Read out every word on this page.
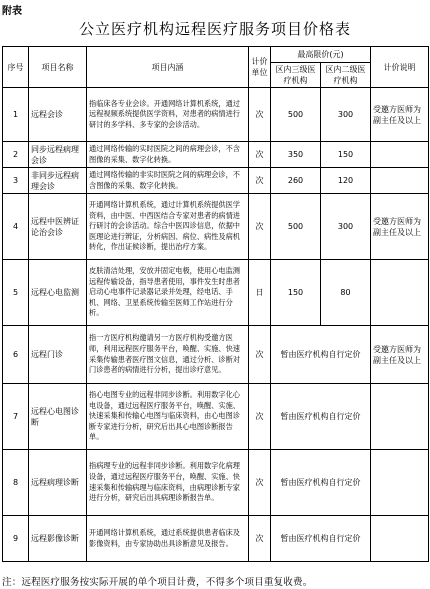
附表
公立医疗机构远程医疗服务项目价格表
序号	项目名称	项目内涵	计价单位	最高限价(元)		计价说明
				区内三级医疗机构	区内二级医疗机构	
1	远程会诊	指临床各专业会诊。开通网络计算机系统，通过远程视频系统提供医学资料，对患者的病情进行研讨的多学科、多专家的会诊活动。	次	500	300	受邀方医师为副主任及以上
2	同步远程病理会诊	通过网络传输的实时医院之间的病理会诊，不含图像的采集、数字化转换。	次	350	150	
3	非同步远程病理会诊	通过网络传输的非实时医院之间的病理会诊，不含图像的采集、数字化转换。	次	260	120	
4	远程中医辨证论治会诊	开通网络计算机系统，通过计算机系统提供医学资料，由中医、中西医结合专家对患者的病情进行研讨的会诊活动。综合中医四诊信息，依据中医理论进行辨证，分析病因、病位、病性及病机转化，作出证候诊断，提出治疗方案。	次	500	300	受邀方医师为副主任及以上
5	远程心电监测	皮肤清洁处理，安放并固定电极，使用心电监测远程传输设备，指导患者使用，事件发生时患者启动心电事件记录器记录并处理，经电话、手机、网络、卫星系统传输至医师工作站进行分析。	日	150	80	
6	远程门诊	指一方医疗机构邀请另一方医疗机构受邀方医师，利用远程医疗服务平台，唤醒、实施、快速采集传输患者医疗图文信息，通过分析、诊断对门诊患者的病情进行分析，提出诊疗意见。	次	暂由医疗机构自行定价		受邀方医师为副主任及以上
7	远程心电图诊断	指心电图专业的远程非同步诊断。利用数字化心电设备，通过远程医疗服务平台，唤醒、实施、快速采集和传输心电图与临床资料，由心电图诊断专家进行分析，研究后出具心电图诊断报告单。	次	暂由医疗机构自行定价		
8	远程病理诊断	指病理专业的远程非同步诊断。利用数字化病理设备，通过远程医疗服务平台，唤醒、实施、快速采集和传输病理与临床资料，由病理诊断专家进行分析，研究后出具病理诊断报告单。	次	暂由医疗机构自行定价		
9	远程影像诊断	开通网络计算机系统，通过系统提供患者临床及影像资料，由专家协助出具诊断意见及报告。	次	暂由医疗机构自行定价		
注：远程医疗服务按实际开展的单个项目计费，不得多个项目重复收费。
